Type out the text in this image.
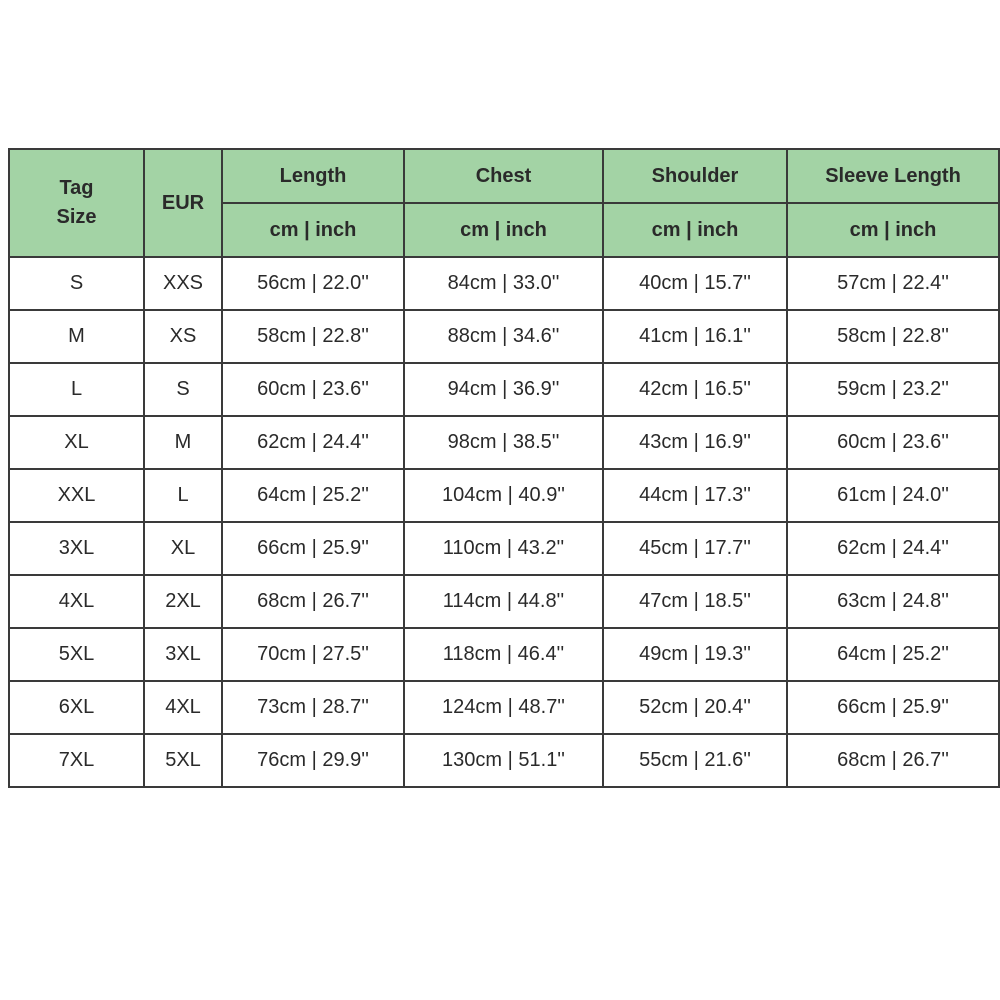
Tag
Size	EUR	Length	Chest	Shoulder	Sleeve Length
		cm | inch	cm | inch	cm | inch	cm | inch
S	XXS	56cm | 22.0''	84cm | 33.0''	40cm | 15.7''	57cm | 22.4''
M	XS	58cm | 22.8''	88cm | 34.6''	41cm | 16.1''	58cm | 22.8''
L	S	60cm | 23.6''	94cm | 36.9''	42cm | 16.5''	59cm | 23.2''
XL	M	62cm | 24.4''	98cm | 38.5''	43cm | 16.9''	60cm | 23.6''
XXL	L	64cm | 25.2''	104cm | 40.9''	44cm | 17.3''	61cm | 24.0''
3XL	XL	66cm | 25.9''	110cm | 43.2''	45cm | 17.7''	62cm | 24.4''
4XL	2XL	68cm | 26.7''	114cm | 44.8''	47cm | 18.5''	63cm | 24.8''
5XL	3XL	70cm | 27.5''	118cm | 46.4''	49cm | 19.3''	64cm | 25.2''
6XL	4XL	73cm | 28.7''	124cm | 48.7''	52cm | 20.4''	66cm | 25.9''
7XL	5XL	76cm | 29.9''	130cm | 51.1''	55cm | 21.6''	68cm | 26.7''
